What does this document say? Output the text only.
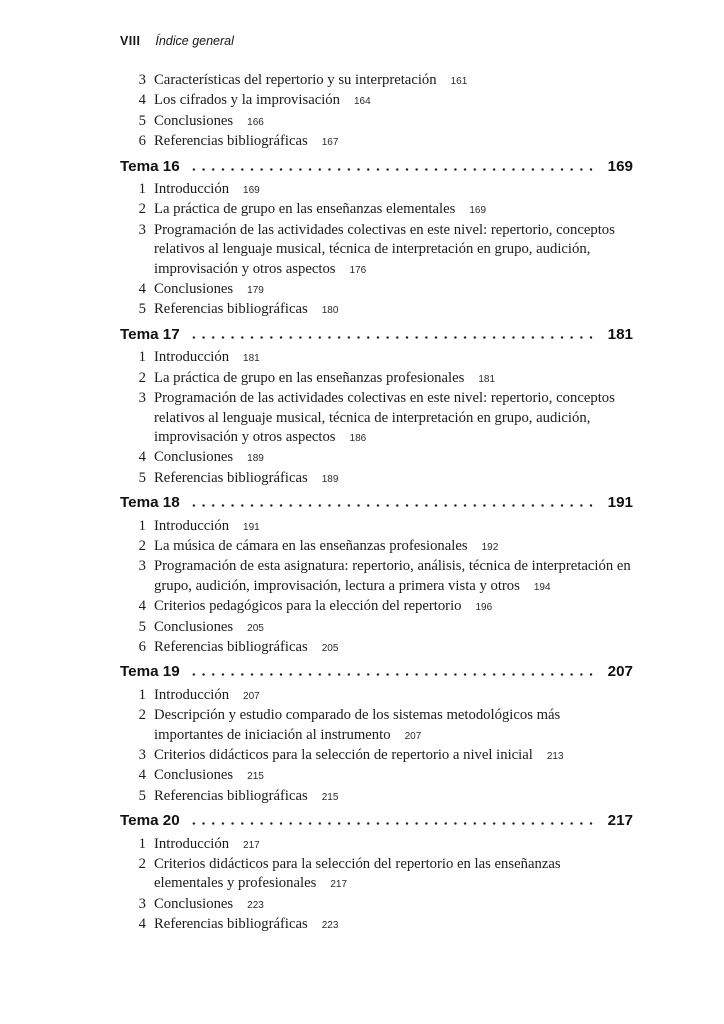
VIII Índice general
3 Características del repertorio y su interpretación 161
4 Los cifrados y la improvisación 164
5 Conclusiones 166
6 Referencias bibliográficas 167
Tema 16	169
1 Introducción 169
2 La práctica de grupo en las enseñanzas elementales 169
3 Programación de las actividades colectivas en este nivel: repertorio, conceptos relativos al lenguaje musical, técnica de interpretación en grupo, audición, improvisación y otros aspectos 176
4 Conclusiones 179
5 Referencias bibliográficas 180
Tema 17	181
1 Introducción 181
2 La práctica de grupo en las enseñanzas profesionales 181
3 Programación de las actividades colectivas en este nivel: repertorio, conceptos relativos al lenguaje musical, técnica de interpretación en grupo, audición, improvisación y otros aspectos 186
4 Conclusiones 189
5 Referencias bibliográficas 189
Tema 18	191
1 Introducción 191
2 La música de cámara en las enseñanzas profesionales 192
3 Programación de esta asignatura: repertorio, análisis, técnica de interpretación en grupo, audición, improvisación, lectura a primera vista y otros 194
4 Criterios pedagógicos para la elección del repertorio 196
5 Conclusiones 205
6 Referencias bibliográficas 205
Tema 19	207
1 Introducción 207
2 Descripción y estudio comparado de los sistemas metodológicos más importantes de iniciación al instrumento 207
3 Criterios didácticos para la selección de repertorio a nivel inicial 213
4 Conclusiones 215
5 Referencias bibliográficas 215
Tema 20	217
1 Introducción 217
2 Criterios didácticos para la selección del repertorio en las enseñanzas elementales y profesionales 217
3 Conclusiones 223
4 Referencias bibliográficas 223
